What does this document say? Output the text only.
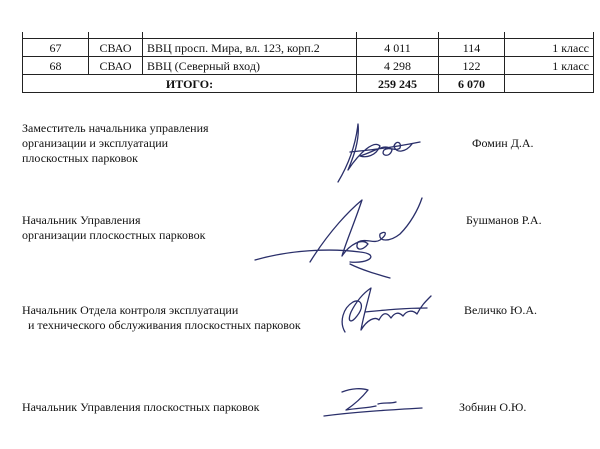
67	СВАО	ВВЦ просп. Мира, вл. 123, корп.2	4 011	114	1 класс
68	СВАО	ВВЦ (Северный вход)	4 298	122	1 класс
ИТОГО:			259 245	6 070	
Заместитель начальника управления
организации и эксплуатации
плоскостных парковок
Фомин Д.А.
Начальник Управления
организации плоскостных парковок
Бушманов Р.А.
Начальник Отдела контроля эксплуатации
и технического обслуживания плоскостных парковок
Величко Ю.А.
Начальник Управления плоскостных парковок	Зобнин О.Ю.
